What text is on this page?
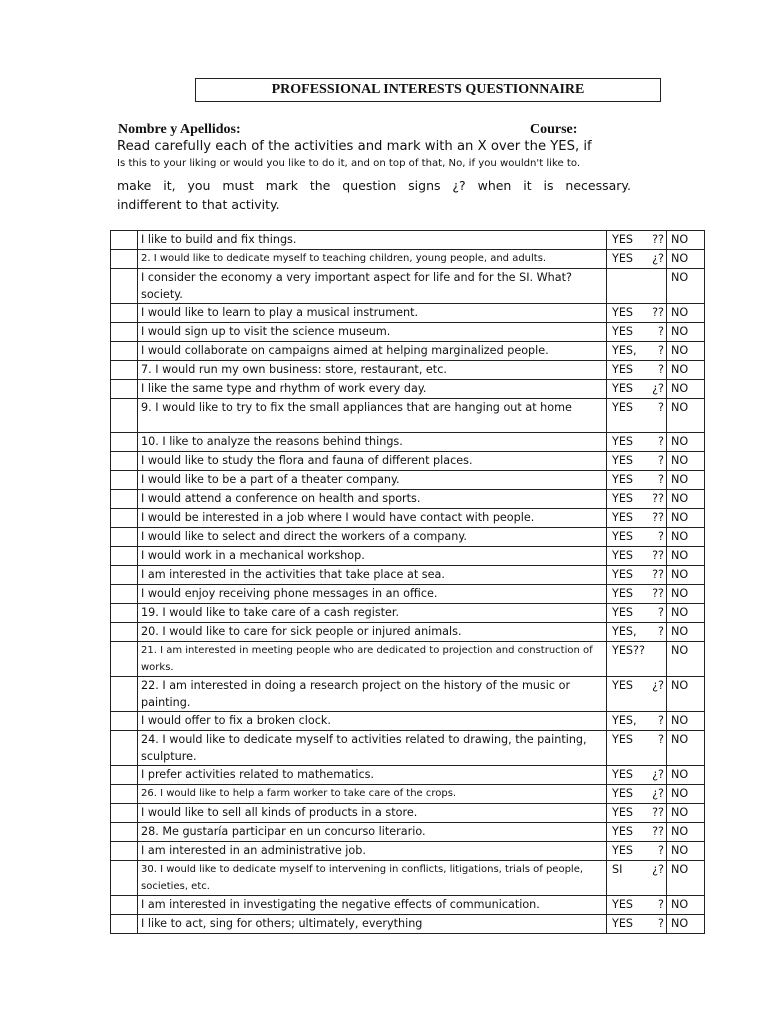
PROFESSIONAL INTERESTS QUESTIONNAIRE
Nombre y Apellidos:	Course:
Read carefully each of the activities and mark with an X over the YES, if
Is this to your liking or would you like to do it, and on top of that, No, if you wouldn't like to.
make it, you must mark the question signs ¿? when it is necessary.
indifferent to that activity.
	I like to build and fix things.	YES ??	NO
	2. I would like to dedicate myself to teaching children, young people, and adults.	YES ¿?	NO
	I consider the economy a very important aspect for life and for the SI. What? society.		NO
	I would like to learn to play a musical instrument.	YES ??	NO
	I would sign up to visit the science museum.	YES ?	NO
	I would collaborate on campaigns aimed at helping marginalized people.	YES, ?	NO
	7. I would run my own business: store, restaurant, etc.	YES ?	NO
	I like the same type and rhythm of work every day.	YES ¿?	NO
	9. I would like to try to fix the small appliances that are hanging out at home	YES ?	NO
	10. I like to analyze the reasons behind things.	YES ?	NO
	I would like to study the flora and fauna of different places.	YES ?	NO
	I would like to be a part of a theater company.	YES ?	NO
	I would attend a conference on health and sports.	YES ??	NO
	I would be interested in a job where I would have contact with people.	YES ??	NO
	I would like to select and direct the workers of a company.	YES ?	NO
	I would work in a mechanical workshop.	YES ??	NO
	I am interested in the activities that take place at sea.	YES ??	NO
	I would enjoy receiving phone messages in an office.	YES ??	NO
	19. I would like to take care of a cash register.	YES ?	NO
	20. I would like to care for sick people or injured animals.	YES, ?	NO
	21. I am interested in meeting people who are dedicated to projection and construction of works.	YES??	NO
	22. I am interested in doing a research project on the history of the music or painting.	YES ¿?	NO
	I would offer to fix a broken clock.	YES, ?	NO
	24. I would like to dedicate myself to activities related to drawing, the painting, sculpture.	YES ?	NO
	I prefer activities related to mathematics.	YES ¿?	NO
	26. I would like to help a farm worker to take care of the crops.	YES ¿?	NO
	I would like to sell all kinds of products in a store.	YES ??	NO
	28. Me gustaría participar en un concurso literario.	YES ??	NO
	I am interested in an administrative job.	YES ?	NO
	30. I would like to dedicate myself to intervening in conflicts, litigations, trials of people, societies, etc.	SI ¿?	NO
	I am interested in investigating the negative effects of communication.	YES ?	NO
	I like to act, sing for others; ultimately, everything	YES ?	NO
